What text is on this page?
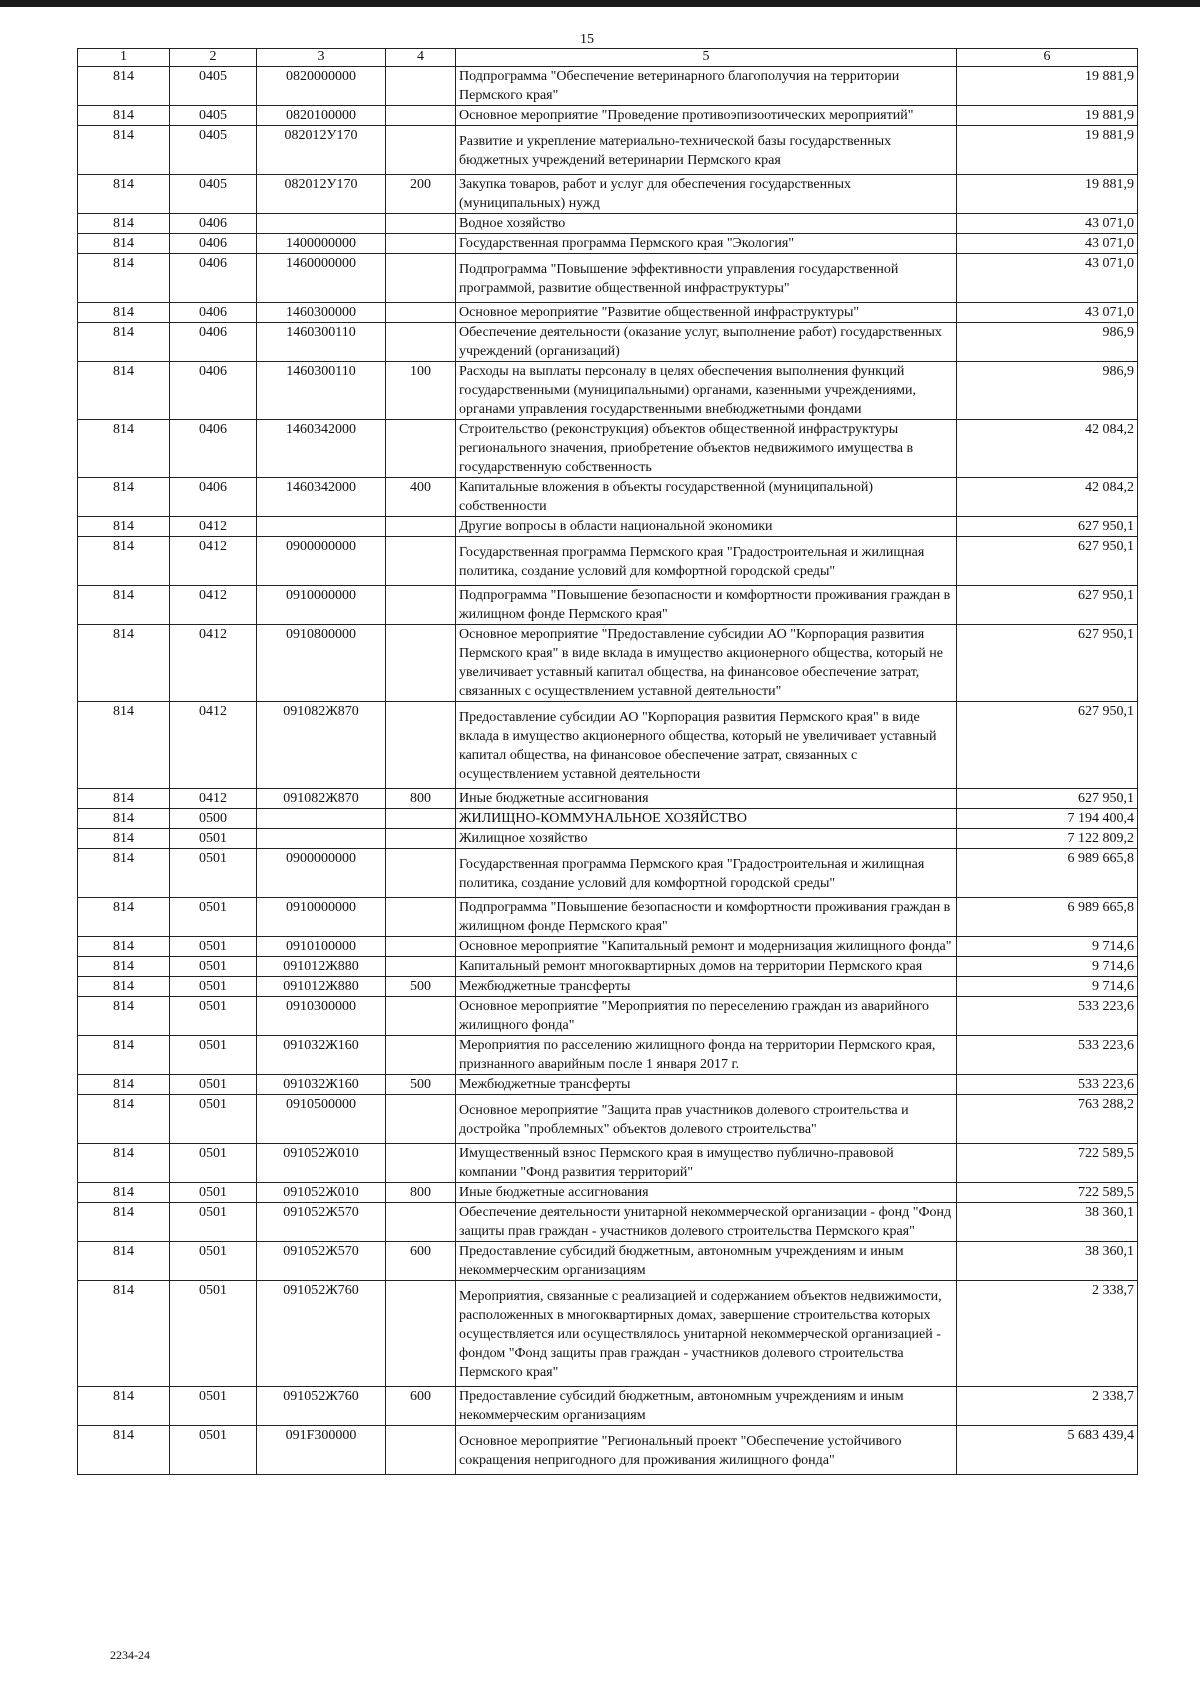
15
1	2	3	4	5	6
814	0405	0820000000		Подпрограмма "Обеспечение ветеринарного благополучия на территории Пермского края"	19 881,9
814	0405	0820100000		Основное мероприятие "Проведение противоэпизоотических мероприятий"	19 881,9
814	0405	082012У170		Развитие и укрепление материально-технической базы государственных бюджетных учреждений ветеринарии Пермского края	19 881,9
814	0405	082012У170	200	Закупка товаров, работ и услуг для обеспечения государственных (муниципальных) нужд	19 881,9
814	0406			Водное хозяйство	43 071,0
814	0406	1400000000		Государственная программа Пермского края "Экология"	43 071,0
814	0406	1460000000		Подпрограмма "Повышение эффективности управления государственной программой, развитие общественной инфраструктуры"	43 071,0
814	0406	1460300000		Основное мероприятие "Развитие общественной инфраструктуры"	43 071,0
814	0406	1460300110		Обеспечение деятельности (оказание услуг, выполнение работ) государственных учреждений (организаций)	986,9
814	0406	1460300110	100	Расходы на выплаты персоналу в целях обеспечения выполнения функций государственными (муниципальными) органами, казенными учреждениями, органами управления государственными внебюджетными фондами	986,9
814	0406	1460342000		Строительство (реконструкция) объектов общественной инфраструктуры регионального значения, приобретение объектов недвижимого имущества в государственную собственность	42 084,2
814	0406	1460342000	400	Капитальные вложения в объекты государственной (муниципальной) собственности	42 084,2
814	0412			Другие вопросы в области национальной экономики	627 950,1
814	0412	0900000000		Государственная программа Пермского края "Градостроительная и жилищная политика, создание условий для комфортной городской среды"	627 950,1
814	0412	0910000000		Подпрограмма "Повышение безопасности и комфортности проживания граждан в жилищном фонде Пермского края"	627 950,1
814	0412	0910800000		Основное мероприятие "Предоставление субсидии АО "Корпорация развития Пермского края" в виде вклада в имущество акционерного общества, который не увеличивает уставный капитал общества, на финансовое обеспечение затрат, связанных с осуществлением уставной деятельности"	627 950,1
814	0412	091082Ж870		Предоставление субсидии АО "Корпорация развития Пермского края" в виде вклада в имущество акционерного общества, который не увеличивает уставный капитал общества, на финансовое обеспечение затрат, связанных с осуществлением уставной деятельности	627 950,1
814	0412	091082Ж870	800	Иные бюджетные ассигнования	627 950,1
814	0500			ЖИЛИЩНО-КОММУНАЛЬНОЕ ХОЗЯЙСТВО	7 194 400,4
814	0501			Жилищное хозяйство	7 122 809,2
814	0501	0900000000		Государственная программа Пермского края "Градостроительная и жилищная политика, создание условий для комфортной городской среды"	6 989 665,8
814	0501	0910000000		Подпрограмма "Повышение безопасности и комфортности проживания граждан в жилищном фонде Пермского края"	6 989 665,8
814	0501	0910100000		Основное мероприятие "Капитальный ремонт и модернизация жилищного фонда"	9 714,6
814	0501	091012Ж880		Капитальный ремонт многоквартирных домов на территории Пермского края	9 714,6
814	0501	091012Ж880	500	Межбюджетные трансферты	9 714,6
814	0501	0910300000		Основное мероприятие "Мероприятия по переселению граждан из аварийного жилищного фонда"	533 223,6
814	0501	091032Ж160		Мероприятия по расселению жилищного фонда на территории Пермского края, признанного аварийным после 1 января 2017 г.	533 223,6
814	0501	091032Ж160	500	Межбюджетные трансферты	533 223,6
814	0501	0910500000		Основное мероприятие "Защита прав участников долевого строительства и достройка "проблемных" объектов долевого строительства"	763 288,2
814	0501	091052Ж010		Имущественный взнос Пермского края в имущество публично-правовой компании "Фонд развития территорий"	722 589,5
814	0501	091052Ж010	800	Иные бюджетные ассигнования	722 589,5
814	0501	091052Ж570		Обеспечение деятельности унитарной некоммерческой организации - фонд "Фонд защиты прав граждан - участников долевого строительства Пермского края"	38 360,1
814	0501	091052Ж570	600	Предоставление субсидий бюджетным, автономным учреждениям и иным некоммерческим организациям	38 360,1
814	0501	091052Ж760		Мероприятия, связанные с реализацией и содержанием объектов недвижимости, расположенных в многоквартирных домах, завершение строительства которых осуществляется или осуществлялось унитарной некоммерческой организацией - фондом "Фонд защиты прав граждан - участников долевого строительства Пермского края"	2 338,7
814	0501	091052Ж760	600	Предоставление субсидий бюджетным, автономным учреждениям и иным некоммерческим организациям	2 338,7
814	0501	091F300000		Основное мероприятие "Региональный проект "Обеспечение устойчивого сокращения непригодного для проживания жилищного фонда"	5 683 439,4
2234-24
